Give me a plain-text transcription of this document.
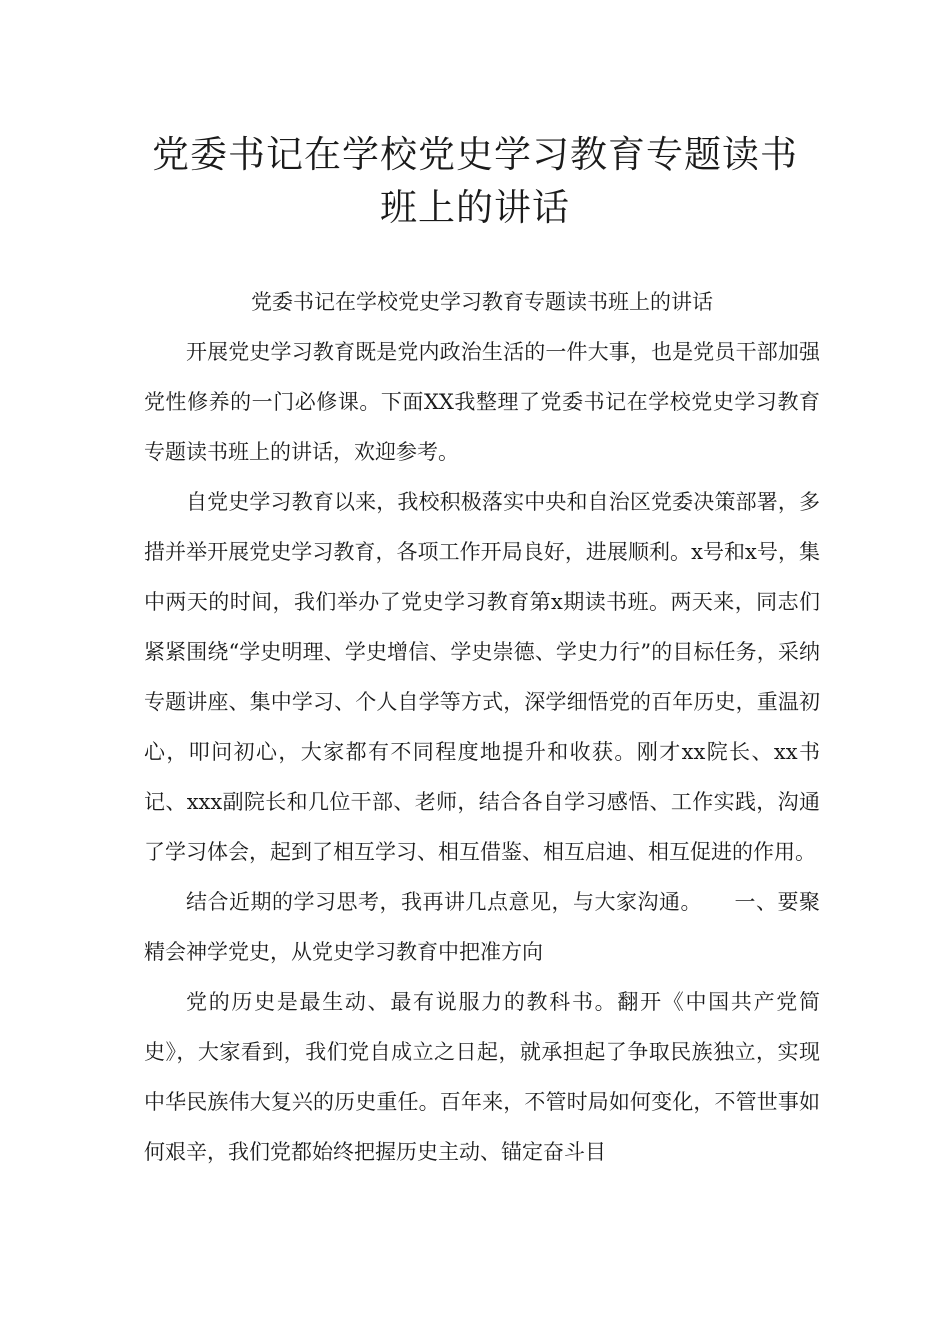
党委书记在学校党史学习教育专题读书
班上的讲话

党委书记在学校党史学习教育专题读书班上的讲话

开展党史学习教育既是党内政治生活的一件大事，也是党员干部加强党性修养的一门必修课。下面XX我整理了党委书记在学校党史学习教育专题读书班上的讲话，欢迎参考。

自党史学习教育以来，我校积极落实中央和自治区党委决策部署，多措并举开展党史学习教育，各项工作开局良好，进展顺利。x号和x号，集中两天的时间，我们举办了党史学习教育第x期读书班。两天来，同志们紧紧围绕“学史明理、学史增信、学史崇德、学史力行”的目标任务，采纳专题讲座、集中学习、个人自学等方式，深学细悟党的百年历史，重温初心，叩问初心，大家都有不同程度地提升和收获。刚才xx院长、xx书记、xxx副院长和几位干部、老师，结合各自学习感悟、工作实践，沟通了学习体会，起到了相互学习、相互借鉴、相互启迪、相互促进的作用。

结合近期的学习思考，我再讲几点意见，与大家沟通。　　一、要聚精会神学党史，从党史学习教育中把准方向

党的历史是最生动、最有说服力的教科书。翻开《中国共产党简史》，大家看到，我们党自成立之日起，就承担起了争取民族独立，实现中华民族伟大复兴的历史重任。百年来，不管时局如何变化，不管世事如何艰辛，我们党都始终把握历史主动、锚定奋斗目
